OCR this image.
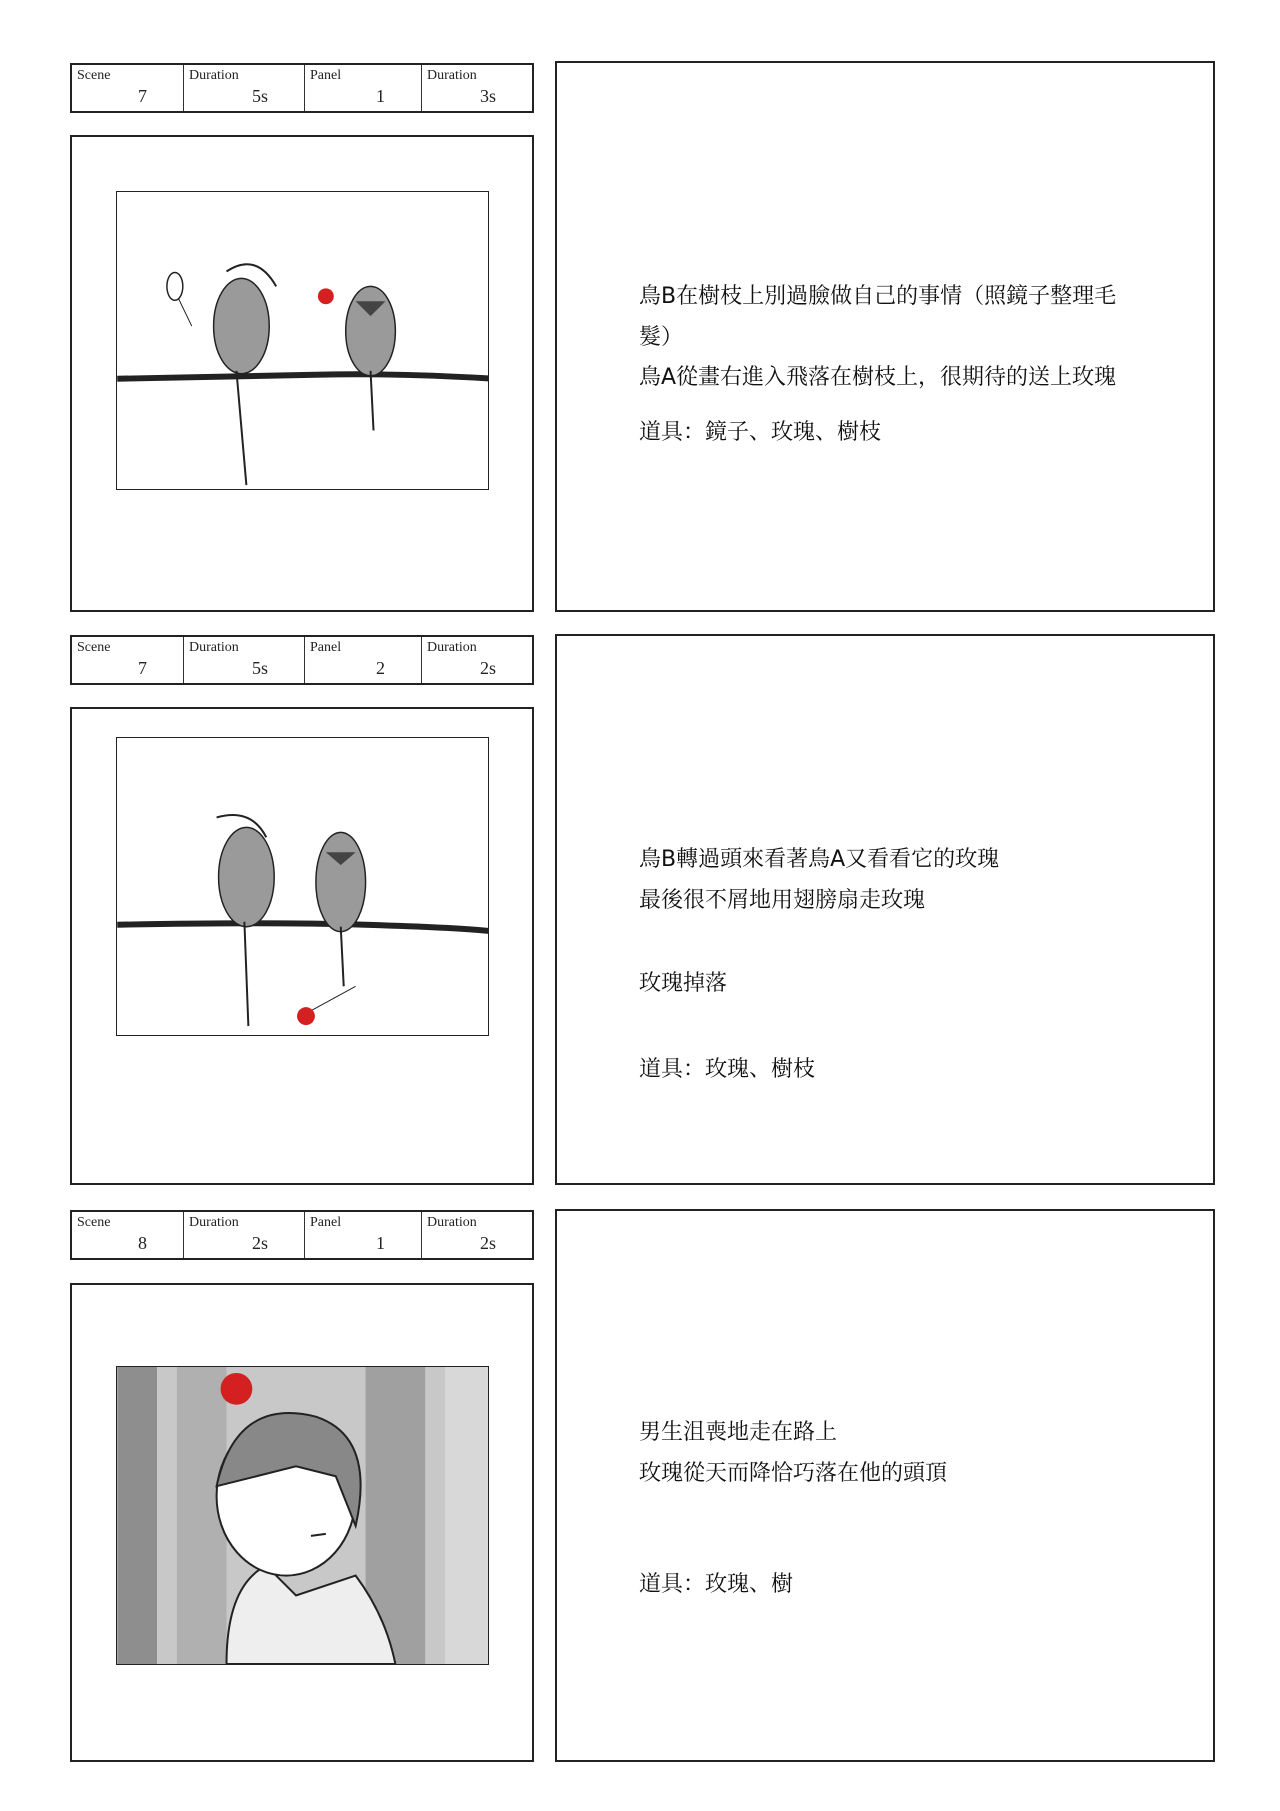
Scene
7
Duration
5s
Panel
1
Duration
3s
鳥B在樹枝上別過臉做自己的事情（照鏡子整理毛
髮）
鳥A從畫右進入飛落在樹枝上，很期待的送上玫瑰
道具：鏡子、玫瑰、樹枝
Scene
7
Duration
5s
Panel
2
Duration
2s
鳥B轉過頭來看著鳥A又看看它的玫瑰
最後很不屑地用翅膀扇走玫瑰
玫瑰掉落
道具：玫瑰、樹枝
Scene
8
Duration
2s
Panel
1
Duration
2s
男生沮喪地走在路上
玫瑰從天而降恰巧落在他的頭頂
道具：玫瑰、樹
